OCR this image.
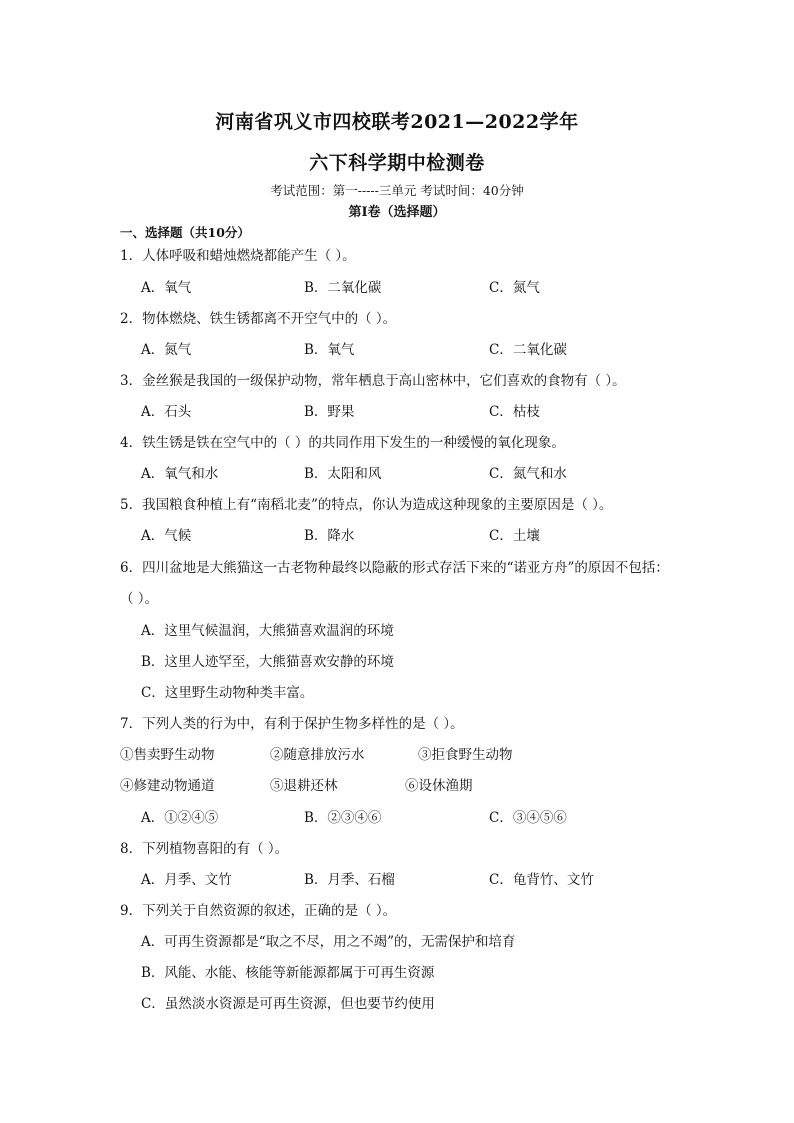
河南省巩义市四校联考2021—2022学年
六下科学期中检测卷
考试范围：第一-----三单元 考试时间：40分钟
第Ⅰ卷（选择题）
一、选择题（共10分）
1．人体呼吸和蜡烛燃烧都能产生（ ）。
A．氧气	B．二氧化碳	C．氮气
2．物体燃烧、铁生锈都离不开空气中的（ ）。
A．氮气	B．氧气	C．二氧化碳
3．金丝猴是我国的一级保护动物，常年栖息于高山密林中，它们喜欢的食物有（ ）。
A．石头	B．野果	C．枯枝
4．铁生锈是铁在空气中的（ ）的共同作用下发生的一种缓慢的氧化现象。
A．氧气和水	B．太阳和风	C．氮气和水
5．我国粮食种植上有“南稻北麦”的特点，你认为造成这种现象的主要原因是（ ）。
A．气候	B．降水	C．土壤
6．四川盆地是大熊猫这一古老物种最终以隐蔽的形式存活下来的“诺亚方舟”的原因不包括：
（ ）。
A．这里气候温润，大熊猫喜欢温润的环境
B．这里人迹罕至，大熊猫喜欢安静的环境
C．这里野生动物种类丰富。
7．下列人类的行为中，有利于保护生物多样性的是（ ）。
①售卖野生动物	②随意排放污水	③拒食野生动物
④修建动物通道	⑤退耕还林	⑥设休渔期
A．①②④⑤	B．②③④⑥	C．③④⑤⑥
8．下列植物喜阳的有（ ）。
A．月季、文竹	B．月季、石榴	C．龟背竹、文竹
9．下列关于自然资源的叙述，正确的是（ ）。
A．可再生资源都是“取之不尽，用之不竭”的，无需保护和培育
B．风能、水能、核能等新能源都属于可再生资源
C．虽然淡水资源是可再生资源，但也要节约使用
